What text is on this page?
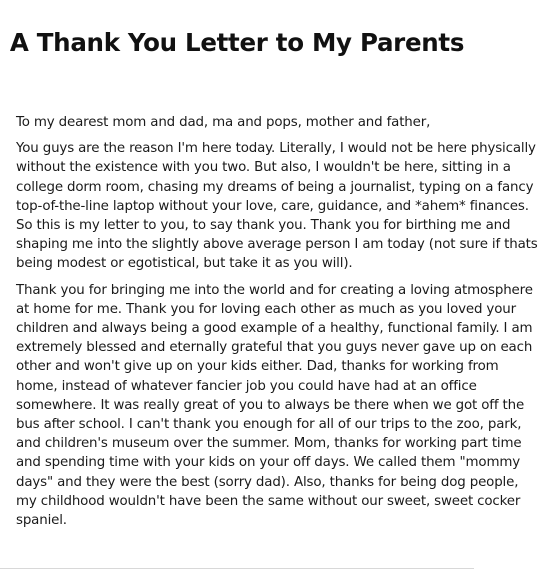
A Thank You Letter to My Parents
To my dearest mom and dad, ma and pops, mother and father,
You guys are the reason I'm here today. Literally, I would not be here physically
without the existence with you two. But also, I wouldn't be here, sitting in a
college dorm room, chasing my dreams of being a journalist, typing on a fancy
top-of-the-line laptop without your love, care, guidance, and *ahem* finances.
So this is my letter to you, to say thank you. Thank you for birthing me and
shaping me into the slightly above average person I am today (not sure if thats
being modest or egotistical, but take it as you will).
Thank you for bringing me into the world and for creating a loving atmosphere
at home for me. Thank you for loving each other as much as you loved your
children and always being a good example of a healthy, functional family. I am
extremely blessed and eternally grateful that you guys never gave up on each
other and won't give up on your kids either. Dad, thanks for working from
home, instead of whatever fancier job you could have had at an office
somewhere. It was really great of you to always be there when we got off the
bus after school. I can't thank you enough for all of our trips to the zoo, park,
and children's museum over the summer. Mom, thanks for working part time
and spending time with your kids on your off days. We called them "mommy
days" and they were the best (sorry dad). Also, thanks for being dog people,
my childhood wouldn't have been the same without our sweet, sweet cocker
spaniel.
